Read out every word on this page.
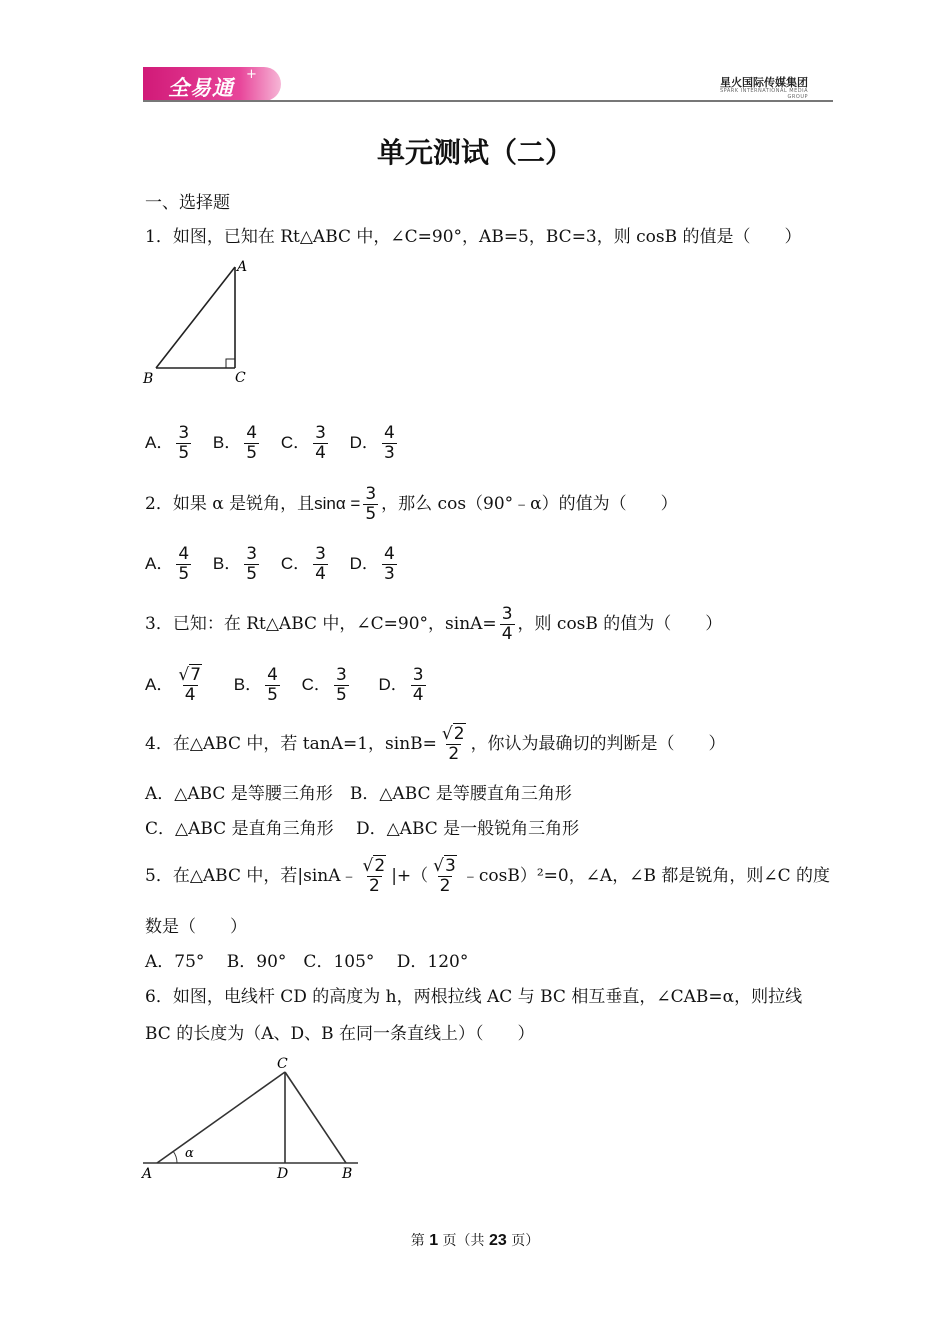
全易通
+
星火国际传媒集团
SPARK INTERNATIONAL MEDIA GROUP
单元测试（二）
一、选择题
1．如图，已知在 Rt△ABC 中，∠C=90°，AB=5，BC=3，则 cosB 的值是（　　）
A
B	C
A． $\frac{3}{5}$ B． $\frac{4}{5}$ C． $\frac{3}{4}$ D． $\frac{4}{3}$
2．如果 α 是锐角，且$\sin\alpha = \frac{3}{5}$ ，那么 cos（90°﹣α）的值为（　　）
A． $\frac{4}{5}$ B． $\frac{3}{5}$ C． $\frac{3}{4}$ D． $\frac{4}{3}$
3．已知：在 Rt△ABC 中，∠C=90°，$\sin A= \frac{3}{4}$ ，则 cosB 的值为（　　）
A． $\frac{√7}{4}$ B． $\frac{4}{5}$ C． $\frac{3}{5}$ D． $\frac{3}{4}$
4．在△ABC 中，若 tanA=1，$\sin B= \frac{√2}{2}$ ，你认为最确切的判断是（　　）
A．△ABC 是等腰三角形　B．△ABC 是等腰直角三角形
C．△ABC 是直角三角形　 D．△ABC 是一般锐角三角形
5．在△ABC 中，若|sinA﹣ $\frac{√2}{2}$ |+（ $\frac{√3}{2}$ ﹣cosB）²=0，∠A，∠B 都是锐角，则∠C 的度
数是（　　）
A．75°　 B．90°　C．105°　 D．120°
6．如图，电线杆 CD 的高度为 h，两根拉线 AC 与 BC 相互垂直，∠CAB=α，则拉线
BC 的长度为（A、D、B 在同一条直线上）（　　）
α
A	D	B
C
第 1 页（共 23 页）
